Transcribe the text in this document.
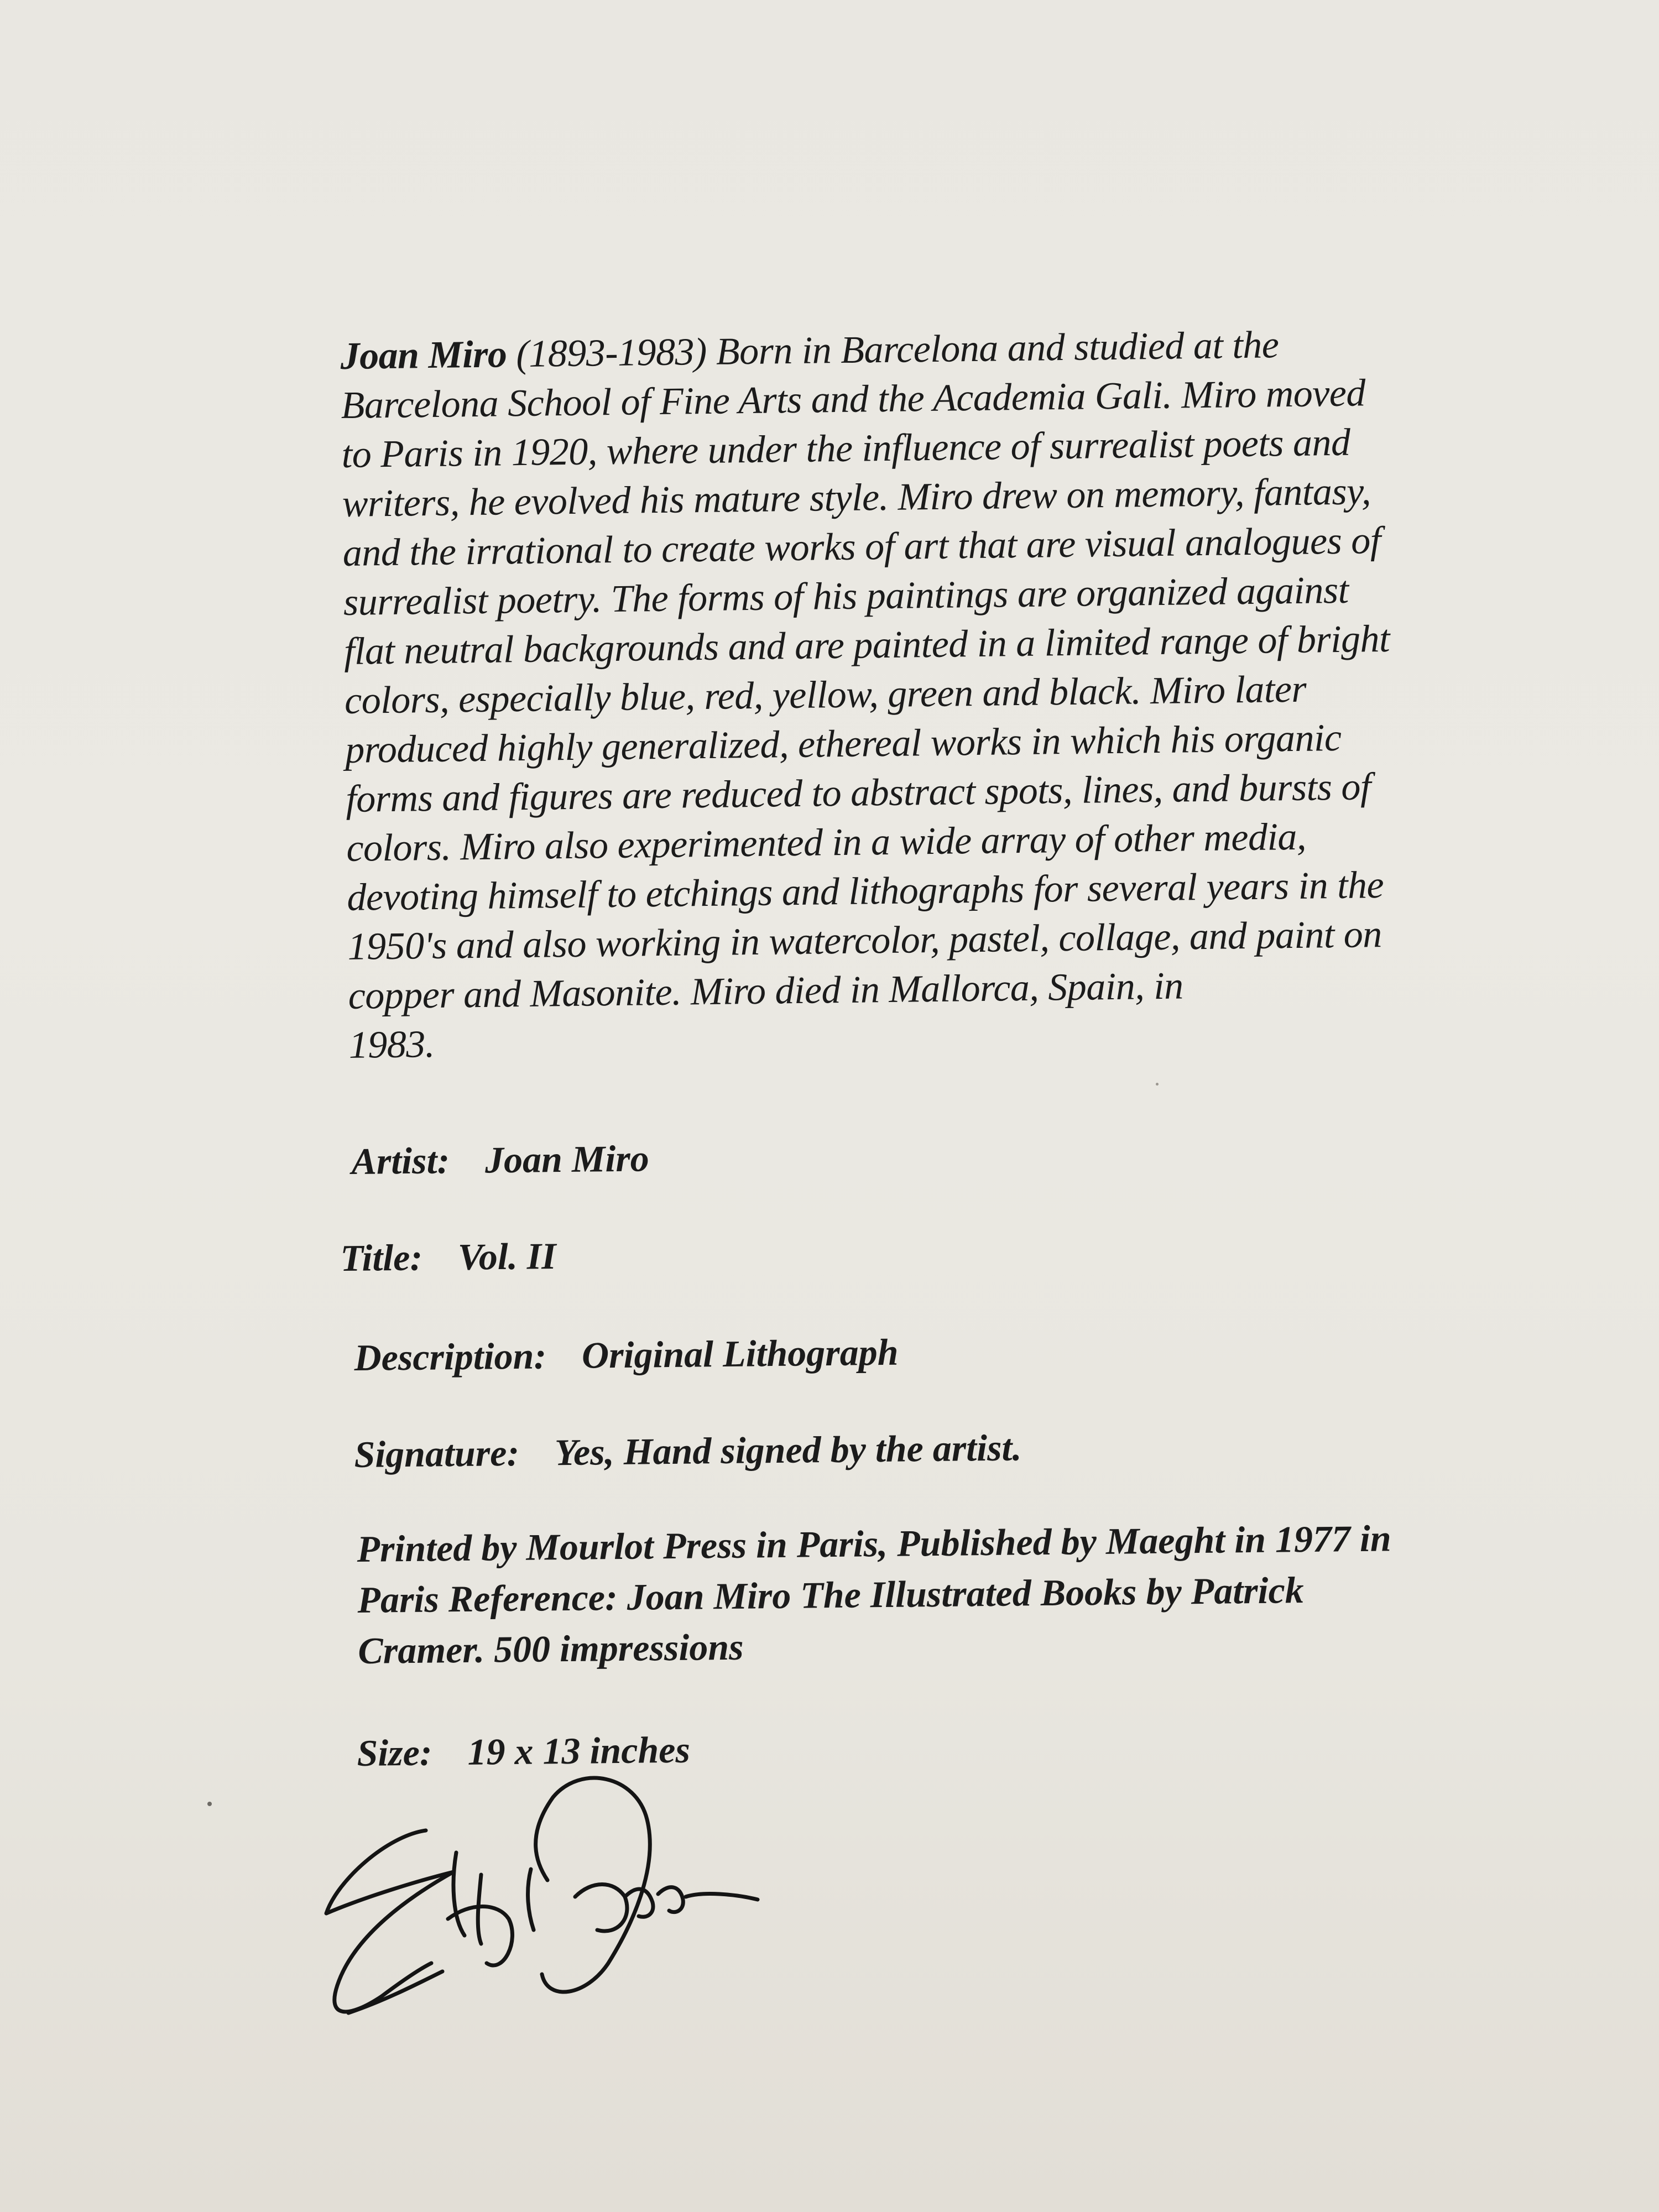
Joan Miro (1893-1983) Born in Barcelona and studied at the
Barcelona School of Fine Arts and the Academia Gali. Miro moved
to Paris in 1920, where under the influence of surrealist poets and
writers, he evolved his mature style. Miro drew on memory, fantasy,
and the irrational to create works of art that are visual analogues of
surrealist poetry. The forms of his paintings are organized against
flat neutral backgrounds and are painted in a limited range of bright
colors, especially blue, red, yellow, green and black. Miro later
produced highly generalized, ethereal works in which his organic
forms and figures are reduced to abstract spots, lines, and bursts of
colors. Miro also experimented in a wide array of other media,
devoting himself to etchings and lithographs for several years in the
1950's and also working in watercolor, pastel, collage, and paint on
copper and Masonite. Miro died in Mallorca, Spain, in
1983.

Artist: Joan Miro
Title: Vol. II
Description: Original Lithograph
Signature: Yes, Hand signed by the artist.
Printed by Mourlot Press in Paris, Published by Maeght in 1977 in
Paris Reference: Joan Miro The Illustrated Books by Patrick
Cramer. 500 impressions
Size: 19 x 13 inches
